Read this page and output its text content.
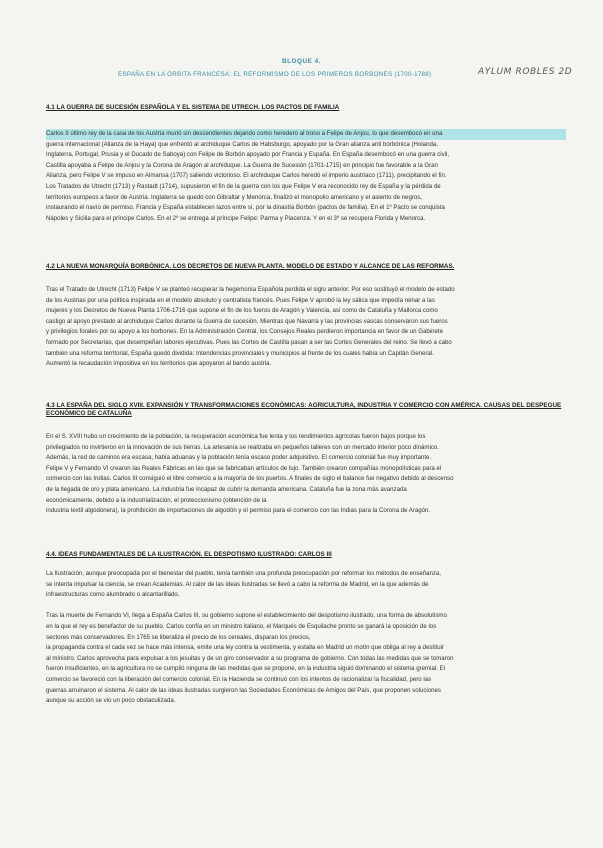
BLOQUE 4.
ESPAÑA EN LA ÓRBITA FRANCESA: EL REFORMISMO DE LOS PRIMEROS BORBONES (1700-1788)	AYLUM ROBLES 2D
4.1 LA GUERRA DE SUCESIÓN ESPAÑOLA Y EL SISTEMA DE UTRECH. LOS PACTOS DE FAMILIA
Carlos II último rey de la casa de los Austria murió sin descendientes dejando como heredero al trono a Felipe de Anjou, lo que desembocó en una
guerra internacional (Alianza de la Haya) que enfrentó al archiduque Carlos de Habsburgo, apoyado por la Gran alianza anti borbónica (Holanda,
Inglaterra, Portugal, Prusia y el Ducado de Saboya) con Felipe de Borbón apoyado por Francia y España. En España desembocó en una guerra civil,
Castilla apoyaba a Felipe de Anjou y la Corona de Aragón al archiduque. La Guerra de Sucesión (1701-1715) en principio fue favorable a la Gran
Alianza, pero Felipe V se impuso en Almansa (1707) saliendo victorioso. El archiduque Carlos heredó el imperio austriaco (1711), precipitando el fin.
Los Tratados de Utrecht (1713) y Rastadt (1714), supusieron el fin de la guerra con los que Felipe V era reconocido rey de España y la pérdida de
territorios europeos a favor de Austria. Inglaterra se quedó con Gibraltar y Menorca, finalizó el monopolio americano y el asiento de negros,
instaurando el navío de permiso. Francia y España establecen lazos entre sí, por la dinastía Borbón (pactos de familia). En el 1º Pacto se conquista
Nápoles y Sicilia para el príncipe Carlos. En el 2º se entrega al príncipe Felipe: Parma y Piacenza. Y en el 3º se recupera Florida y Menorca.
4.2 LA NUEVA MONARQUÍA BORBÓNICA. LOS DECRETOS DE NUEVA PLANTA. MODELO DE ESTADO Y ALCANCE DE LAS REFORMAS.
Tras el Tratado de Utrecht (1713) Felipe V se planteó recuperar la hegemonía Española perdida el siglo anterior. Por eso sustituyó el modelo de estado
de los Austrias por una política inspirada en el modelo absoluto y centralista francés. Pues Felipe V aprobó la ley sálica que impedía reinar a las
mujeres y los Decretos de Nueva Planta 1706-1716 que supone el fin de los fueros de Aragón y Valencia, así como de Cataluña y Mallorca como
castigo al apoyo prestado al archiduque Carlos durante la Guerra de sucesión. Mientras que Navarra y las provincias vascas conservaron sus fueros
y privilegios forales por su apoyo a los borbones. En la Administración Central, los Consejos Reales perdieron importancia en favor de un Gabinete
formado por Secretarías, que desempeñan labores ejecutivas. Pues las Cortes de Castilla pasan a ser las Cortes Generales del reino. Se llevó a cabo
también una reforma territorial, España quedó dividida: Intendencias provinciales y municipios al frente de los cuales había un Capitán General.
Aumentó la recaudación impositiva en los territorios que apoyaron al bando austria.
4.3 LA ESPAÑA DEL SIGLO XVIII. EXPANSIÓN Y TRANSFORMACIONES ECONÓMICAS: AGRICULTURA, INDUSTRIA Y COMERCIO CON AMÉRICA. CAUSAS DEL DESPEGUE ECONÓMICO DE CATALUÑA
En el S. XVIII hubo un crecimiento de la población, la recuperación económica fue lenta y los rendimientos agrícolas fueron bajos porque los
privilegiados no invirtieron en la innovación de sus tierras. La artesanía se realizaba en pequeños talleres con un mercado interior poco dinámico.
Además, la red de caminos era escasa, había aduanas y la población tenía escaso poder adquisitivo. El comercio colonial fue muy importante.
Felipe V y Fernando VI crearon las Reales Fábricas en las que se fabricaban artículos de lujo. También crearon compañías monopolísticas para el
comercio con las Indias. Carlos III consiguió el libre comercio a la mayoría de los puertos. A finales de siglo el balance fue negativo debido al descenso
de la llegada de oro y plata americano. La industria fue incapaz de cubrir la demanda americana. Cataluña fue la zona más avanzada
económicamente, debido a la industrialización, el proteccionismo (obtención de la
industria textil algodonera), la prohibición de importaciones de algodón y el permiso para el comercio con las Indias para la Corona de Aragón.
4.4. IDEAS FUNDAMENTALES DE LA ILUSTRACIÓN. EL DESPOTISMO ILUSTRADO: CARLOS III
La Ilustración, aunque preocupada por el bienestar del pueblo, tenía también una profunda preocupación por reformar los métodos de enseñanza,
se intenta impulsar la ciencia, se crean Academias. Al calor de las ideas ilustradas se llevó a cabo la reforma de Madrid, en la que además de
infraestructuras como alumbrado o alcantarillado.

Tras la muerte de Fernando VI, llega a España Carlos III, su gobierno supone el establecimiento del despotismo ilustrado, una forma de absolutismo
en la que el rey es benefactor de su pueblo. Carlos confía en un ministro italiano, el Marqués de Esquilache pronto se ganará la oposición de los
sectores más conservadores. En 1765 se liberaliza el precio de los cereales, disparan los precios,
la propaganda contra el cada vez se hace más intensa, emite una ley contra la vestimenta, y estalla en Madrid un motín que obliga al rey a destituir
al ministro. Carlos aprovecha para expulsar a los jesuitas y de un giro conservador a su programa de gobierno. Con todas las medidas que se tomaron
fueron insuficientes, en la agricultura no se cumplió ninguna de las medidas que se propone, en la industria siguió dominando el sistema gremial. El
comercio se favoreció con la liberación del comercio colonial. En la Hacienda se continuó con los intentos de racionalizar la fiscalidad, pero las
guerras arruinaron el sistema. Al calor de las ideas ilustradas surgieron las Sociedades Económicas de Amigos del País, que proponen soluciones
aunque su acción se vio un poco obstaculizada.
